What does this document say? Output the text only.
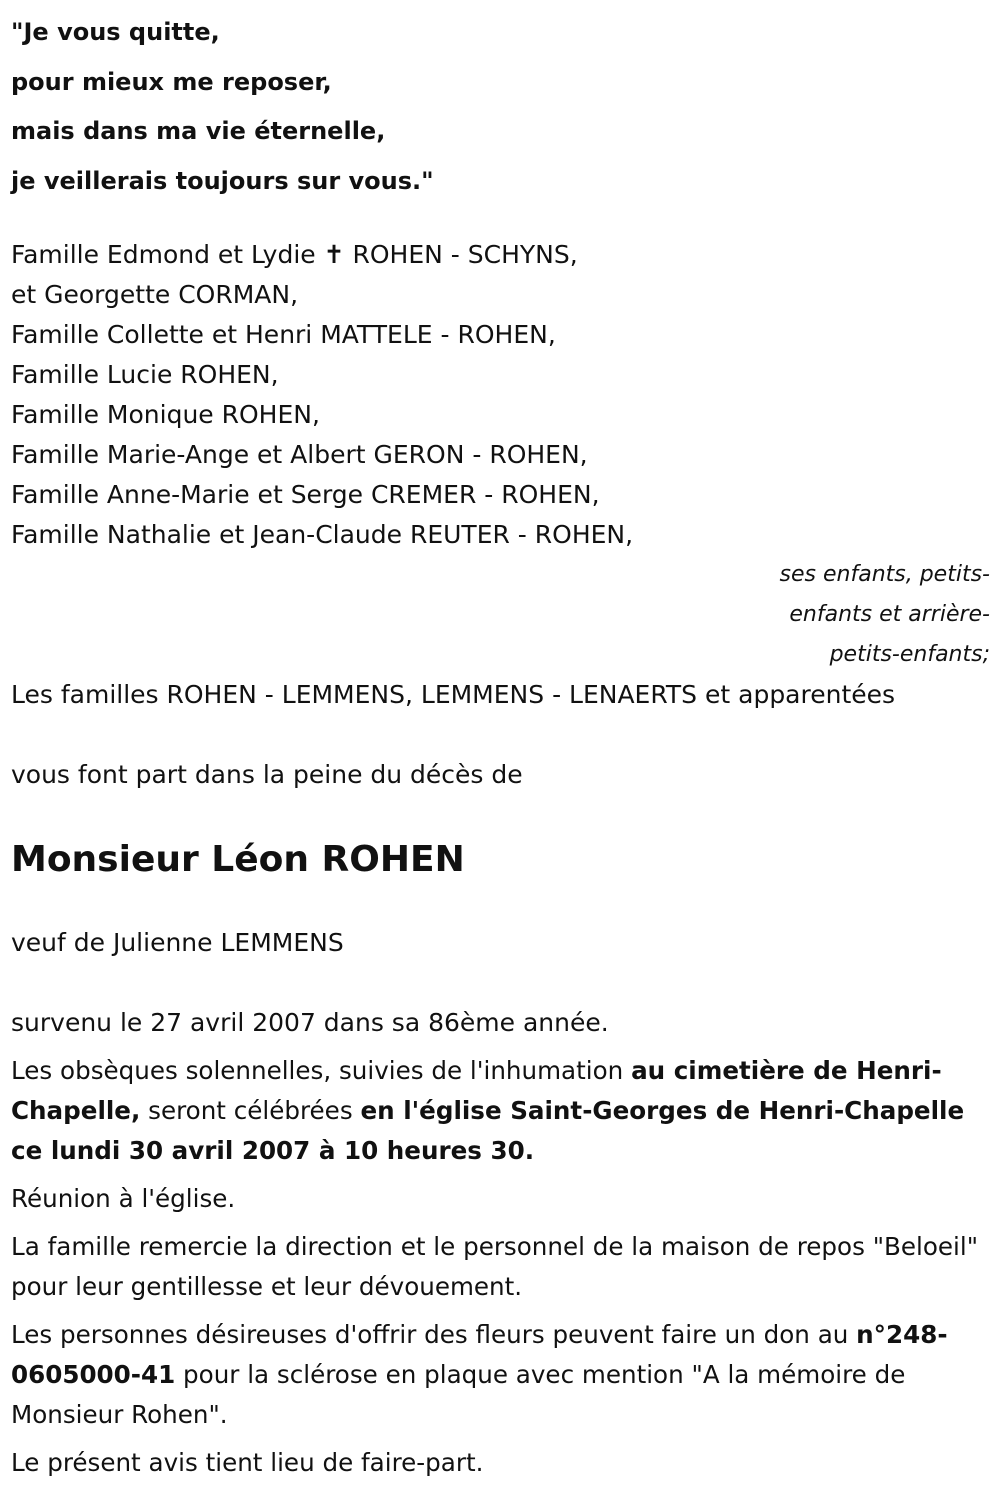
"Je vous quitte,
pour mieux me reposer,
mais dans ma vie éternelle,
je veillerais toujours sur vous."
Famille Edmond et Lydie ✝ ROHEN - SCHYNS,
et Georgette CORMAN,
Famille Collette et Henri MATTELE - ROHEN,
Famille Lucie ROHEN,
Famille Monique ROHEN,
Famille Marie-Ange et Albert GERON - ROHEN,
Famille Anne-Marie et Serge CREMER - ROHEN,
Famille Nathalie et Jean-Claude REUTER - ROHEN,
ses enfants, petits-
enfants et arrière-
petits-enfants;
Les familles ROHEN - LEMMENS, LEMMENS - LENAERTS et apparentées
vous font part dans la peine du décès de
Monsieur Léon ROHEN
veuf de Julienne LEMMENS
survenu le 27 avril 2007 dans sa 86ème année.
Les obsèques solennelles, suivies de l'inhumation au cimetière de Henri-Chapelle, seront célébrées en l'église Saint-Georges de Henri-Chapelle ce lundi 30 avril 2007 à 10 heures 30.
Réunion à l'église.
La famille remercie la direction et le personnel de la maison de repos "Beloeil" pour leur gentillesse et leur dévouement.
Les personnes désireuses d'offrir des fleurs peuvent faire un don au n°248-0605000-41 pour la sclérose en plaque avec mention "A la mémoire de Monsieur Rohen".
Le présent avis tient lieu de faire-part.
